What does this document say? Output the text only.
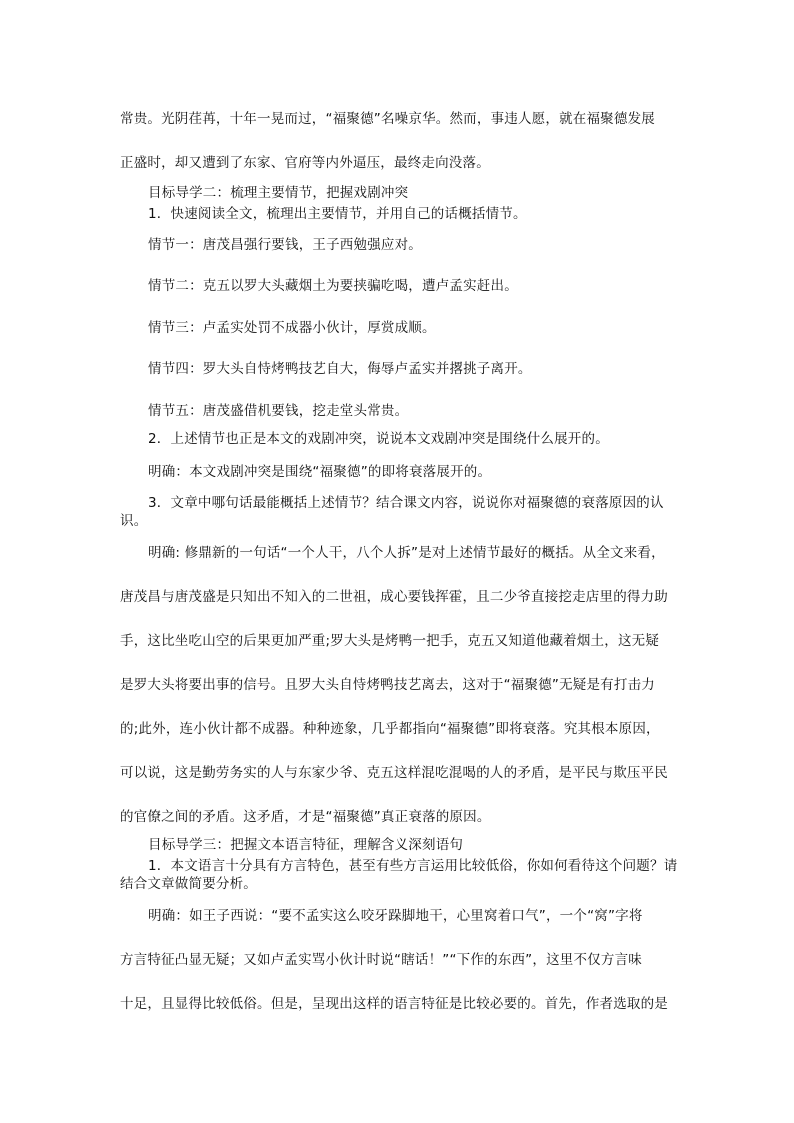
常贵。光阴荏苒，十年一晃而过，“福聚德”名噪京华。然而，事违人愿，就在福聚德发展
正盛时，却又遭到了东家、官府等内外逼压，最终走向没落。
目标导学二：梳理主要情节，把握戏剧冲突
1．快速阅读全文，梳理出主要情节，并用自己的话概括情节。
情节一：唐茂昌强行要钱，王子西勉强应对。
情节二：克五以罗大头藏烟土为要挟骗吃喝，遭卢孟实赶出。
情节三：卢孟实处罚不成器小伙计，厚赏成顺。
情节四：罗大头自恃烤鸭技艺自大，侮辱卢孟实并撂挑子离开。
情节五：唐茂盛借机要钱，挖走堂头常贵。
2．上述情节也正是本文的戏剧冲突，说说本文戏剧冲突是围绕什么展开的。
明确：本文戏剧冲突是围绕“福聚德”的即将衰落展开的。
3．文章中哪句话最能概括上述情节？结合课文内容，说说你对福聚德的衰落原因的认识。
明确: 修鼎新的一句话“一个人干，八个人拆”是对上述情节最好的概括。从全文来看，
唐茂昌与唐茂盛是只知出不知入的二世祖，成心要钱挥霍，且二少爷直接挖走店里的得力助
手，这比坐吃山空的后果更加严重;罗大头是烤鸭一把手，克五又知道他藏着烟土，这无疑
是罗大头将要出事的信号。且罗大头自恃烤鸭技艺离去，这对于“福聚德”无疑是有打击力
的;此外，连小伙计都不成器。种种迹象，几乎都指向“福聚德”即将衰落。究其根本原因，
可以说，这是勤劳务实的人与东家少爷、克五这样混吃混喝的人的矛盾，是平民与欺压平民
的官僚之间的矛盾。这矛盾，才是“福聚德”真正衰落的原因。
目标导学三：把握文本语言特征，理解含义深刻语句
1．本文语言十分具有方言特色，甚至有些方言运用比较低俗，你如何看待这个问题？请结合文章做简要分析。
明确：如王子西说：“要不孟实这么咬牙跺脚地干，心里窝着口气”，一个“窝”字将
方言特征凸显无疑；又如卢孟实骂小伙计时说“瞎话！”“下作的东西”，这里不仅方言味
十足，且显得比较低俗。但是，呈现出这样的语言特征是比较必要的。首先，作者选取的是
